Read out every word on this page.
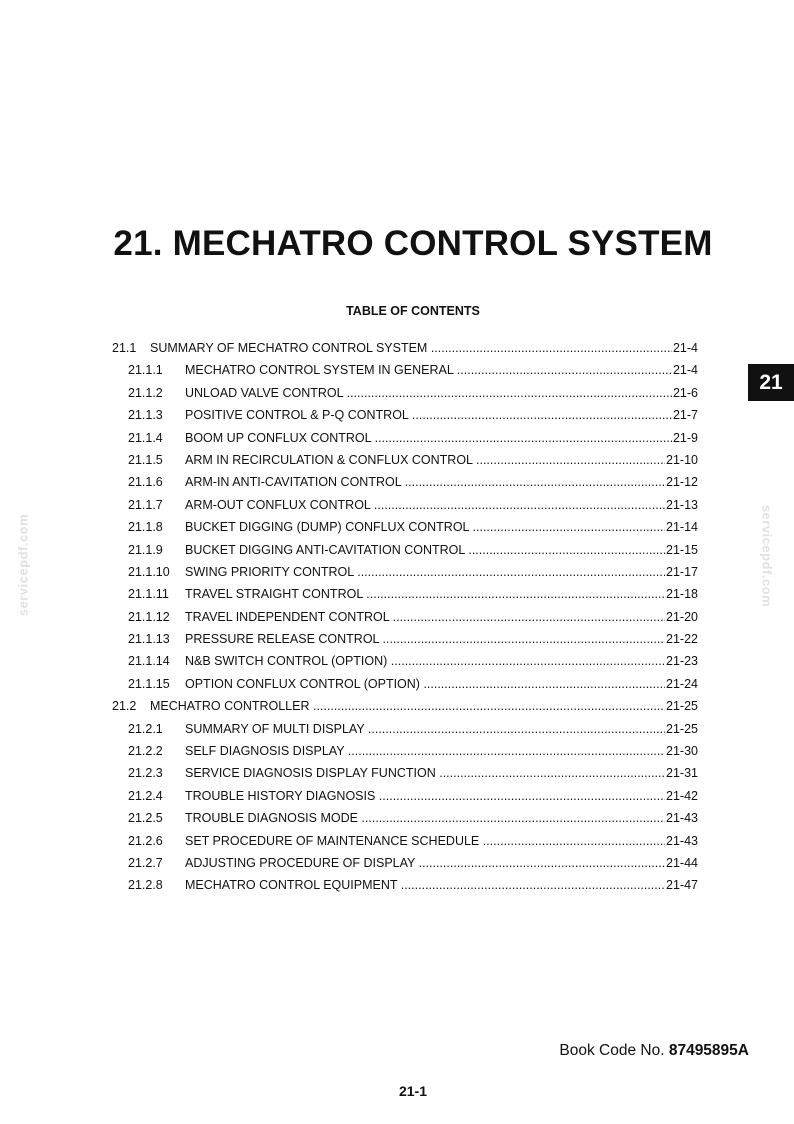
21. MECHATRO CONTROL SYSTEM
TABLE OF CONTENTS
21.1	SUMMARY OF MECHATRO CONTROL SYSTEM .....	21-4
21.1.1	MECHATRO CONTROL SYSTEM IN GENERAL .....	21-4
21.1.2	UNLOAD VALVE CONTROL .....	21-6
21.1.3	POSITIVE CONTROL & P-Q CONTROL .....	21-7
21.1.4	BOOM UP CONFLUX CONTROL .....	21-9
21.1.5	ARM IN RECIRCULATION & CONFLUX CONTROL .....	21-10
21.1.6	ARM-IN ANTI-CAVITATION CONTROL .....	21-12
21.1.7	ARM-OUT CONFLUX CONTROL .....	21-13
21.1.8	BUCKET DIGGING (DUMP) CONFLUX CONTROL .....	21-14
21.1.9	BUCKET DIGGING ANTI-CAVITATION CONTROL .....	21-15
21.1.10	SWING PRIORITY CONTROL .....	21-17
21.1.11	TRAVEL STRAIGHT CONTROL .....	21-18
21.1.12	TRAVEL INDEPENDENT CONTROL .....	21-20
21.1.13	PRESSURE RELEASE CONTROL .....	21-22
21.1.14	N&B SWITCH CONTROL (OPTION) .....	21-23
21.1.15	OPTION CONFLUX CONTROL (OPTION) .....	21-24
21.2	MECHATRO CONTROLLER .....	21-25
21.2.1	SUMMARY OF MULTI DISPLAY .....	21-25
21.2.2	SELF DIAGNOSIS DISPLAY .....	21-30
21.2.3	SERVICE DIAGNOSIS DISPLAY FUNCTION .....	21-31
21.2.4	TROUBLE HISTORY DIAGNOSIS .....	21-42
21.2.5	TROUBLE DIAGNOSIS MODE .....	21-43
21.2.6	SET PROCEDURE OF MAINTENANCE SCHEDULE .....	21-43
21.2.7	ADJUSTING PROCEDURE OF DISPLAY .....	21-44
21.2.8	MECHATRO CONTROL EQUIPMENT .....	21-47
21
servicepdf.com	servicepdf.com
Book Code No. 87495895A
21-1
